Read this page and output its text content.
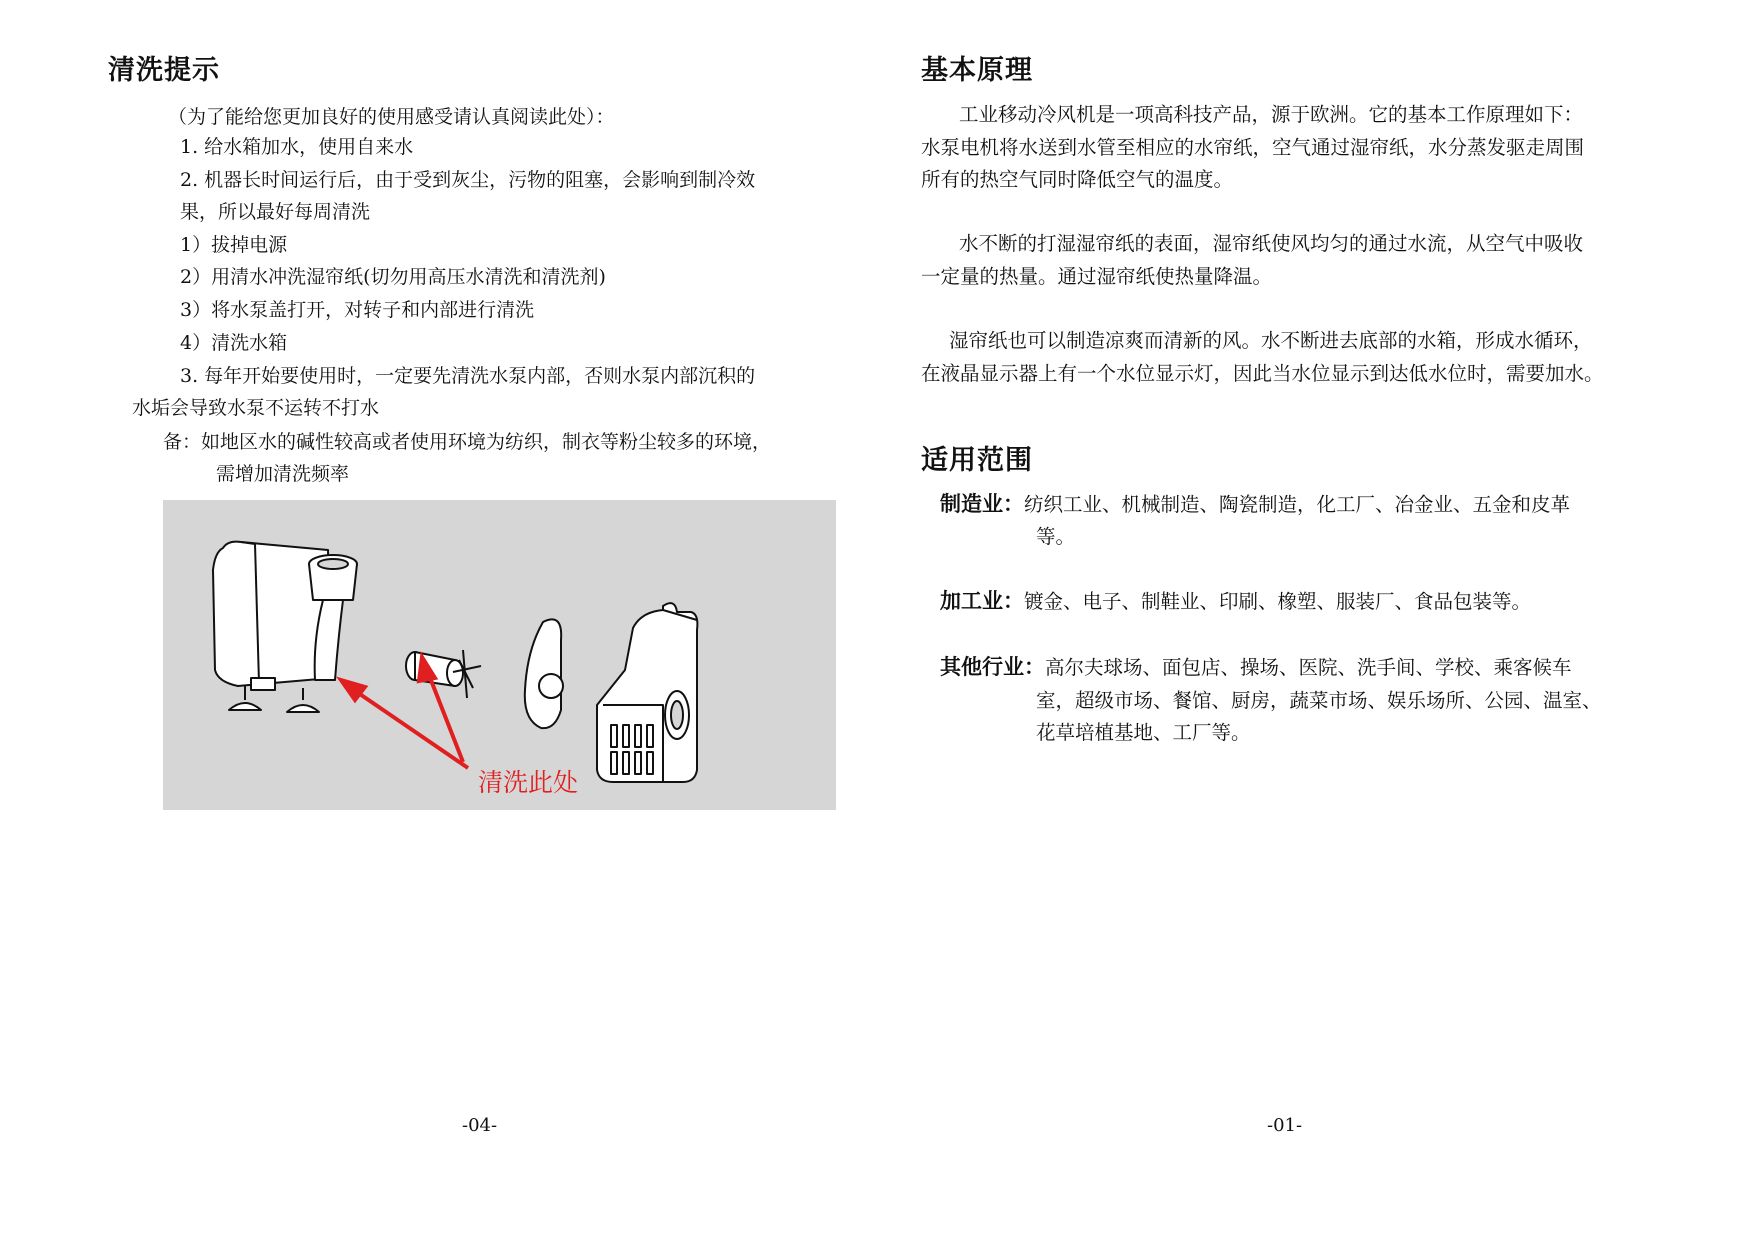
清洗提示
（为了能给您更加良好的使用感受请认真阅读此处）：
1. 给水箱加水，使用自来水
2. 机器长时间运行后，由于受到灰尘，污物的阻塞，会影响到制冷效
果，所以最好每周清洗
1）拔掉电源
2）用清水冲洗湿帘纸(切勿用高压水清洗和清洗剂)
3）将水泵盖打开，对转子和内部进行清洗
4）清洗水箱
3. 每年开始要使用时，一定要先清洗水泵内部，否则水泵内部沉积的
水垢会导致水泵不运转不打水
备：如地区水的碱性较高或者使用环境为纺织，制衣等粉尘较多的环境，
需增加清洗频率
清洗此处
-04-
基本原理
工业移动冷风机是一项高科技产品，源于欧洲。它的基本工作原理如下：
水泵电机将水送到水管至相应的水帘纸，空气通过湿帘纸，水分蒸发驱走周围
所有的热空气同时降低空气的温度。
水不断的打湿湿帘纸的表面，湿帘纸使风均匀的通过水流，从空气中吸收
一定量的热量。通过湿帘纸使热量降温。
湿帘纸也可以制造凉爽而清新的风。水不断进去底部的水箱，形成水循环，
在液晶显示器上有一个水位显示灯，因此当水位显示到达低水位时，需要加水。
适用范围
制造业：纺织工业、机械制造、陶瓷制造，化工厂、冶金业、五金和皮革
等。
加工业：镀金、电子、制鞋业、印刷、橡塑、服装厂、食品包装等。
其他行业：高尔夫球场、面包店、操场、医院、洗手间、学校、乘客候车
室，超级市场、餐馆、厨房，蔬菜市场、娱乐场所、公园、温室、
花草培植基地、工厂等。
-01-
